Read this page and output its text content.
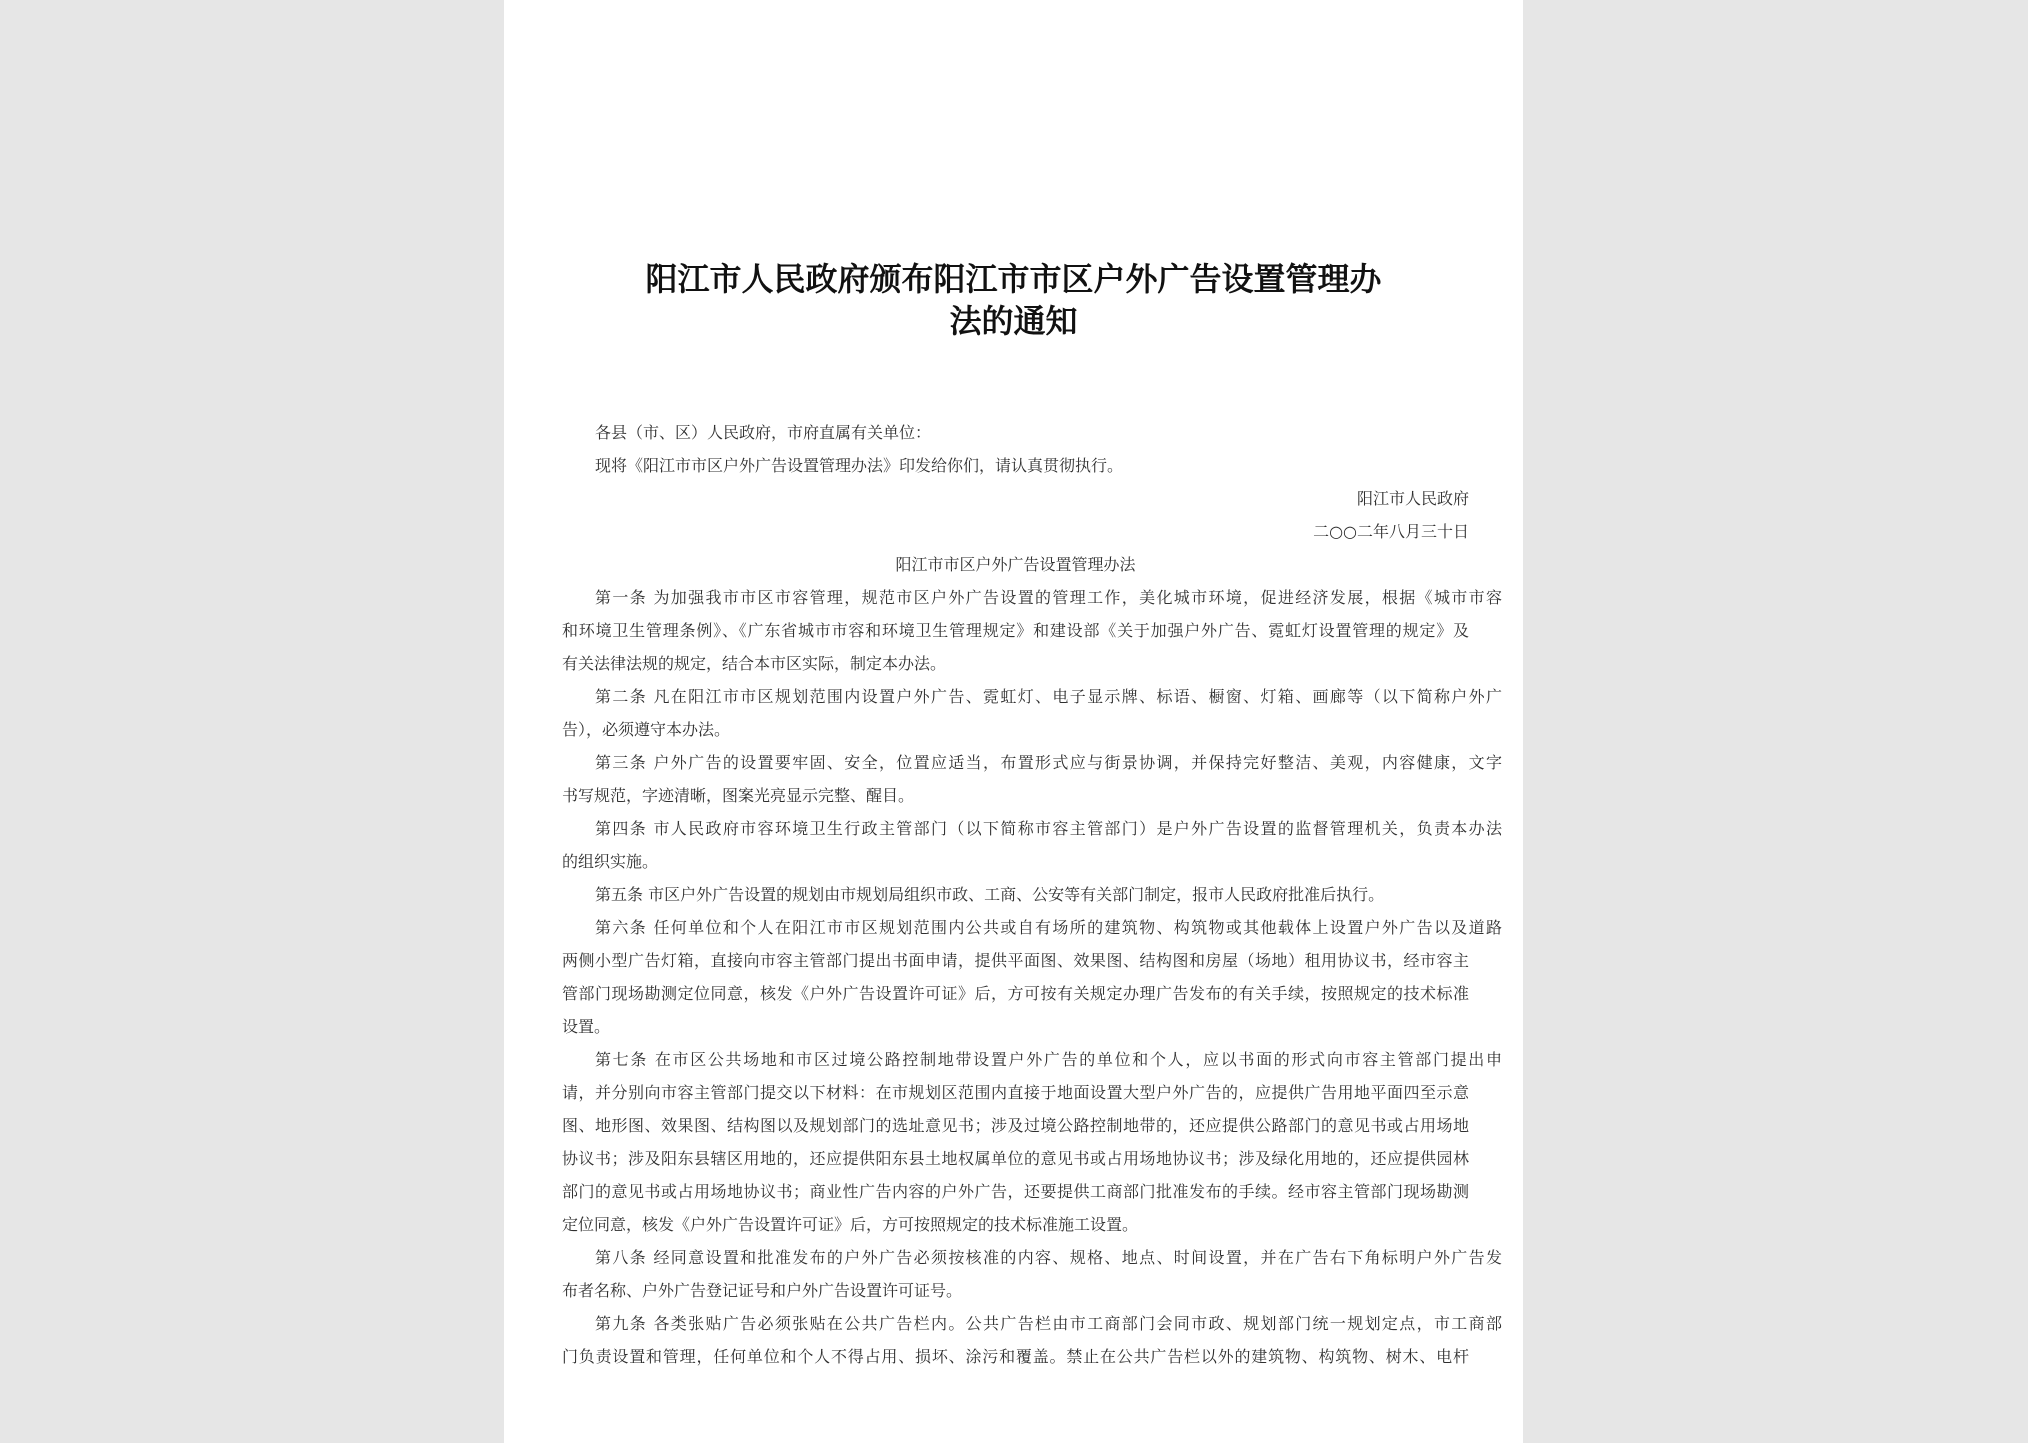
阳江市人民政府颁布阳江市市区户外广告设置管理办
法的通知
各县（市、区）人民政府，市府直属有关单位：
现将《阳江市市区户外广告设置管理办法》印发给你们，请认真贯彻执行。
阳江市人民政府
二○○二年八月三十日
阳江市市区户外广告设置管理办法
第一条 为加强我市市区市容管理，规范市区户外广告设置的管理工作，美化城市环境，促进经济发展，根据《城市市容
和环境卫生管理条例》、《广东省城市市容和环境卫生管理规定》和建设部《关于加强户外广告、霓虹灯设置管理的规定》及
有关法律法规的规定，结合本市区实际，制定本办法。
第二条 凡在阳江市市区规划范围内设置户外广告、霓虹灯、电子显示牌、标语、橱窗、灯箱、画廊等（以下简称户外广
告），必须遵守本办法。
第三条 户外广告的设置要牢固、安全，位置应适当，布置形式应与街景协调，并保持完好整洁、美观，内容健康，文字
书写规范，字迹清晰，图案光亮显示完整、醒目。
第四条 市人民政府市容环境卫生行政主管部门（以下简称市容主管部门）是户外广告设置的监督管理机关，负责本办法
的组织实施。
第五条 市区户外广告设置的规划由市规划局组织市政、工商、公安等有关部门制定，报市人民政府批准后执行。
第六条 任何单位和个人在阳江市市区规划范围内公共或自有场所的建筑物、构筑物或其他载体上设置户外广告以及道路
两侧小型广告灯箱，直接向市容主管部门提出书面申请，提供平面图、效果图、结构图和房屋（场地）租用协议书，经市容主
管部门现场勘测定位同意，核发《户外广告设置许可证》后，方可按有关规定办理广告发布的有关手续，按照规定的技术标准
设置。
第七条 在市区公共场地和市区过境公路控制地带设置户外广告的单位和个人，应以书面的形式向市容主管部门提出申
请，并分别向市容主管部门提交以下材料：在市规划区范围内直接于地面设置大型户外广告的，应提供广告用地平面四至示意
图、地形图、效果图、结构图以及规划部门的选址意见书；涉及过境公路控制地带的，还应提供公路部门的意见书或占用场地
协议书；涉及阳东县辖区用地的，还应提供阳东县土地权属单位的意见书或占用场地协议书；涉及绿化用地的，还应提供园林
部门的意见书或占用场地协议书；商业性广告内容的户外广告，还要提供工商部门批准发布的手续。经市容主管部门现场勘测
定位同意，核发《户外广告设置许可证》后，方可按照规定的技术标准施工设置。
第八条 经同意设置和批准发布的户外广告必须按核准的内容、规格、地点、时间设置，并在广告右下角标明户外广告发
布者名称、户外广告登记证号和户外广告设置许可证号。
第九条 各类张贴广告必须张贴在公共广告栏内。公共广告栏由市工商部门会同市政、规划部门统一规划定点，市工商部
门负责设置和管理，任何单位和个人不得占用、损坏、涂污和覆盖。禁止在公共广告栏以外的建筑物、构筑物、树木、电杆
